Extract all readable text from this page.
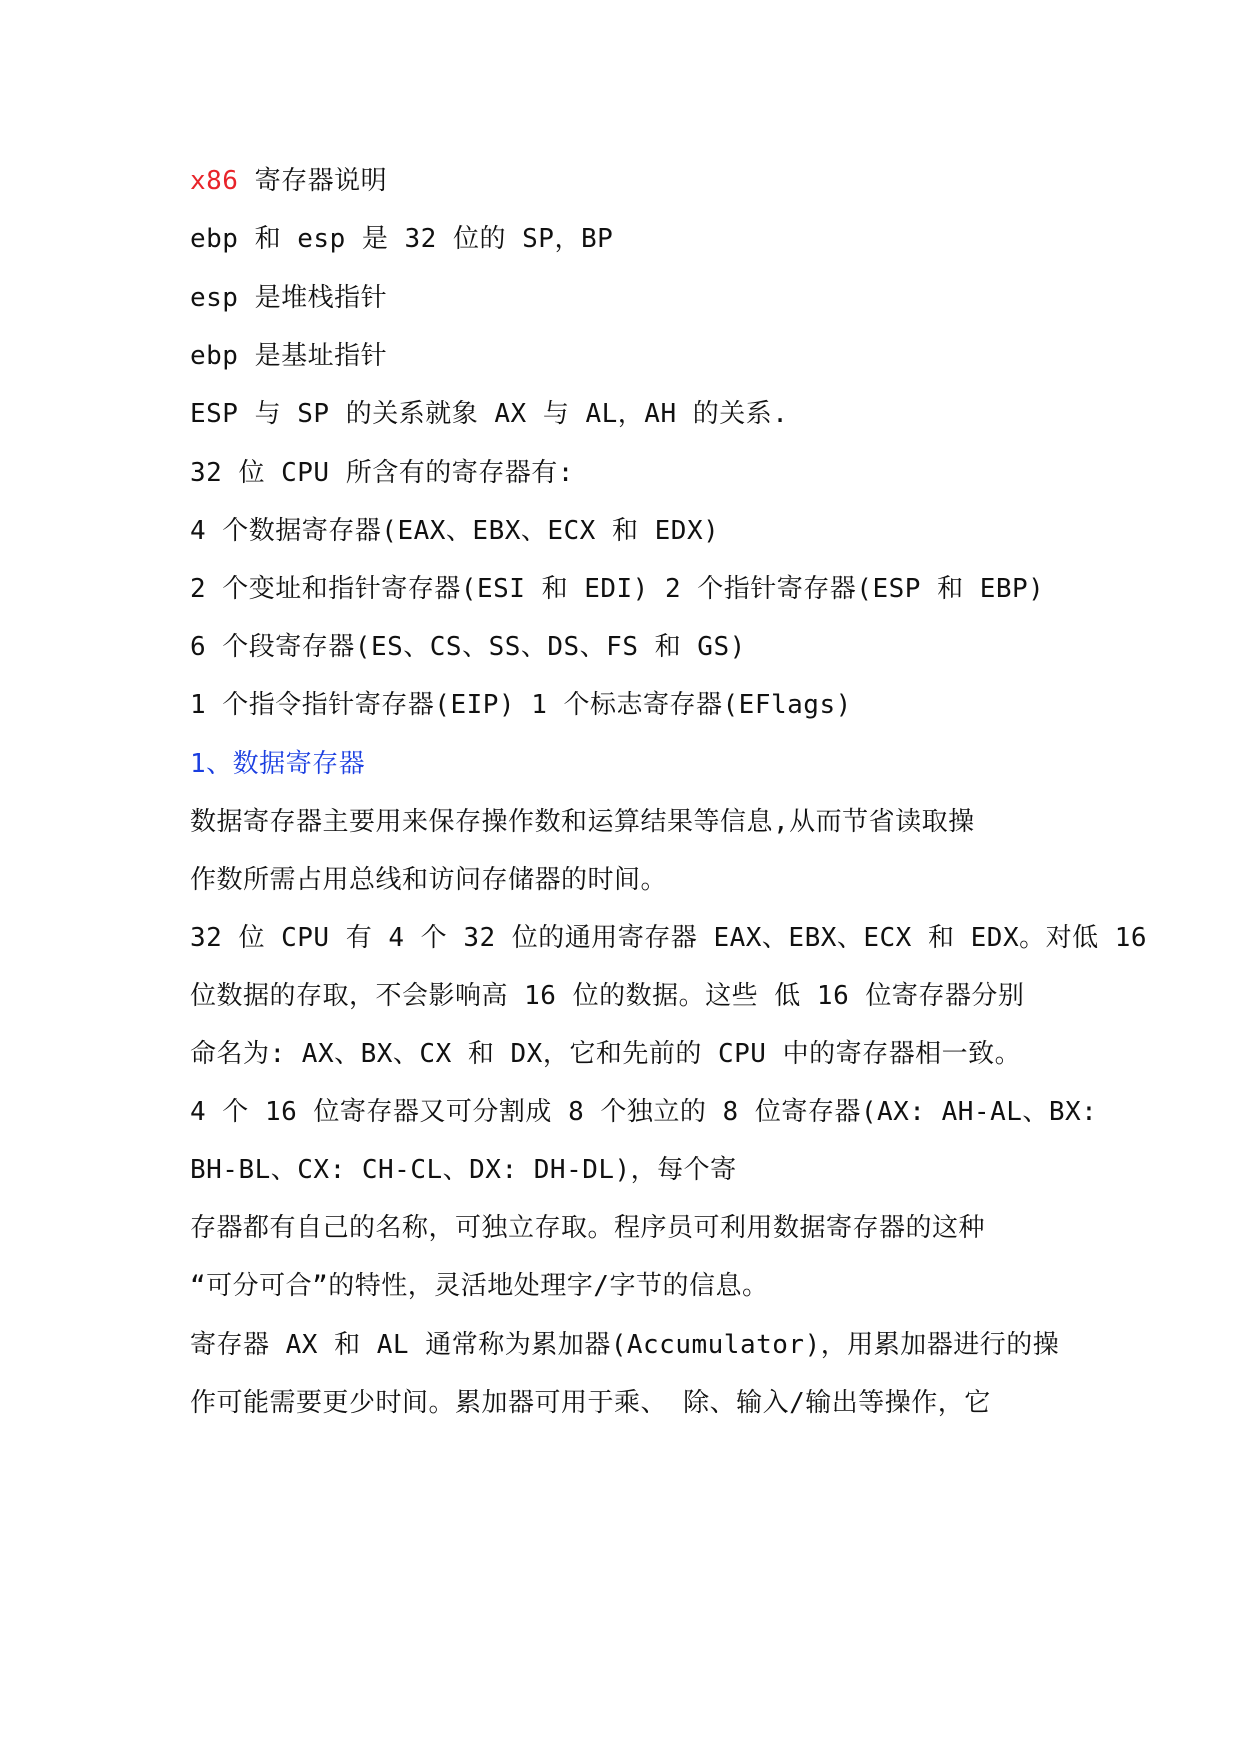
x86 寄存器说明
ebp 和 esp 是 32 位的 SP，BP
esp 是堆栈指针
ebp 是基址指针
ESP 与 SP 的关系就象 AX 与 AL，AH 的关系.
32 位 CPU 所含有的寄存器有:
4 个数据寄存器(EAX、EBX、ECX 和 EDX)
2 个变址和指针寄存器(ESI 和 EDI) 2 个指针寄存器(ESP 和 EBP)
6 个段寄存器(ES、CS、SS、DS、FS 和 GS)
1 个指令指针寄存器(EIP) 1 个标志寄存器(EFlags)
1、数据寄存器
数据寄存器主要用来保存操作数和运算结果等信息,从而节省读取操
作数所需占用总线和访问存储器的时间。
32 位 CPU 有 4 个 32 位的通用寄存器 EAX、EBX、ECX 和 EDX。对低 16
位数据的存取，不会影响高 16 位的数据。这些 低 16 位寄存器分别
命名为: AX、BX、CX 和 DX，它和先前的 CPU 中的寄存器相一致。
4 个 16 位寄存器又可分割成 8 个独立的 8 位寄存器(AX: AH-AL、BX:
BH-BL、CX: CH-CL、DX: DH-DL)，每个寄
存器都有自己的名称，可独立存取。程序员可利用数据寄存器的这种
“可分可合”的特性，灵活地处理字/字节的信息。
寄存器 AX 和 AL 通常称为累加器(Accumulator)，用累加器进行的操
作可能需要更少时间。累加器可用于乘、 除、输入/输出等操作，它
